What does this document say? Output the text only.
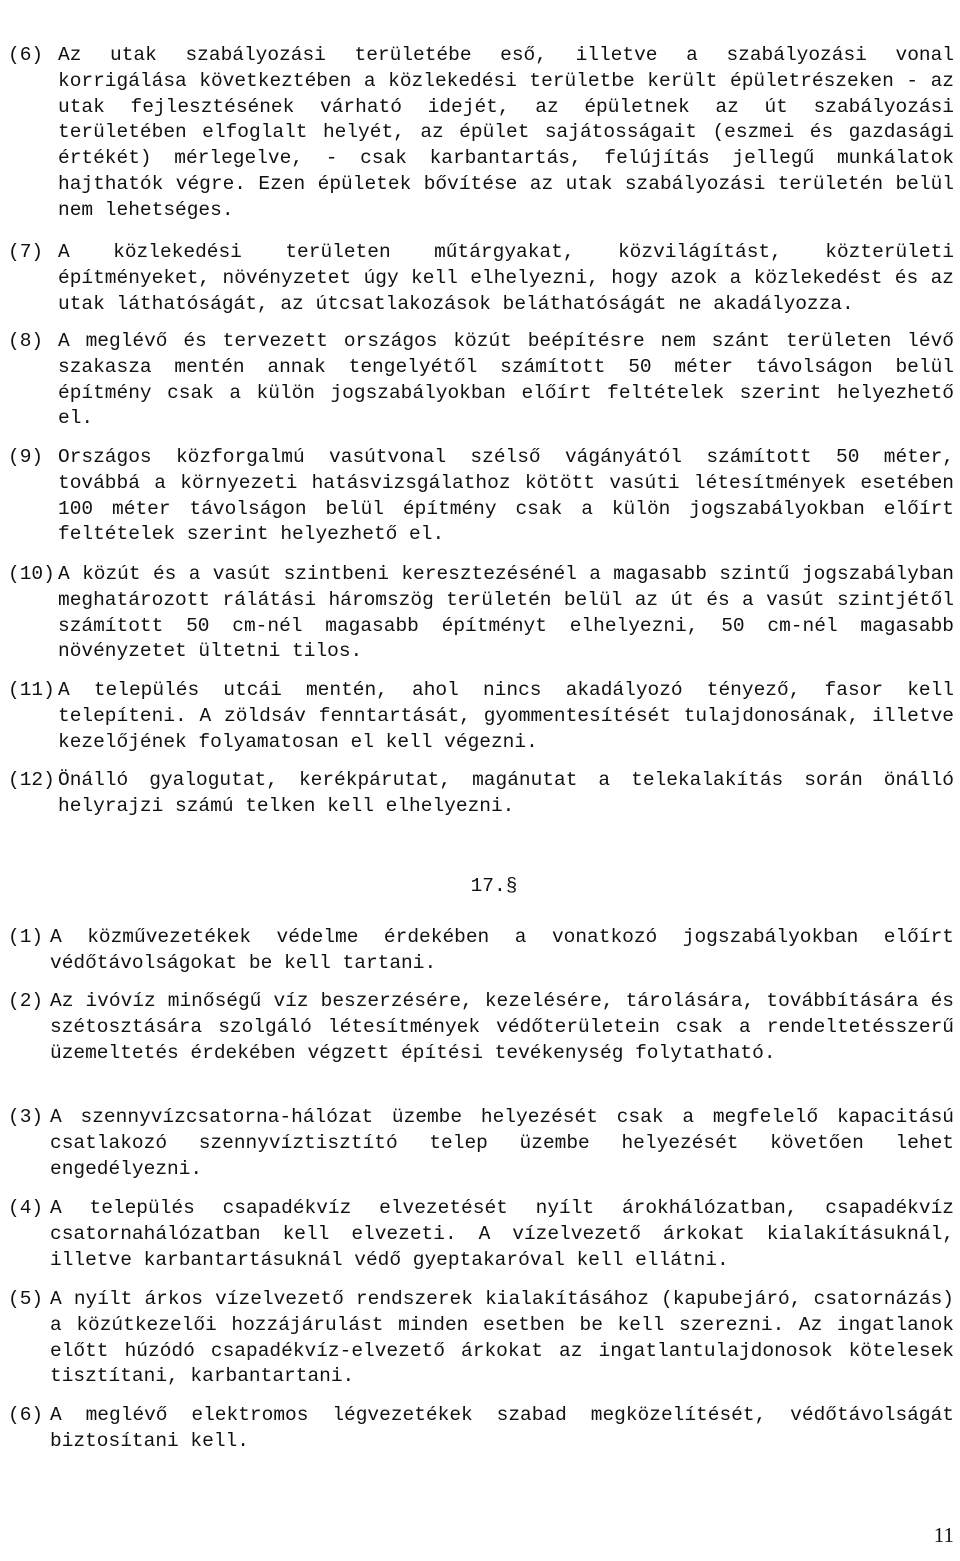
(6) Az utak szabályozási területébe eső, illetve a szabályozási vonal korrigálása következtében a közlekedési területbe került épületrészeken - az utak fejlesztésének várható idejét, az épületnek az út szabályozási területében elfoglalt helyét, az épület sajátosságait (eszmei és gazdasági értékét) mérlegelve, - csak karbantartás, felújítás jellegű munkálatok hajthatók végre. Ezen épületek bővítése az utak szabályozási területén belül nem lehetséges.
(7) A közlekedési területen műtárgyakat, közvilágítást, közterületi építményeket, növényzetet úgy kell elhelyezni, hogy azok a közlekedést és az utak láthatóságát, az útcsatlakozások beláthatóságát ne akadályozza.
(8) A meglévő és tervezett országos közút beépítésre nem szánt területen lévő szakasza mentén annak tengelyétől számított 50 méter távolságon belül építmény csak a külön jogszabályokban előírt feltételek szerint helyezhető el.
(9) Országos közforgalmú vasútvonal szélső vágányától számított 50 méter, továbbá a környezeti hatásvizsgálathoz kötött vasúti létesítmények esetében 100 méter távolságon belül építmény csak a külön jogszabályokban előírt feltételek szerint helyezhető el.
(10) A közút és a vasút szintbeni keresztezésénél a magasabb szintű jogszabályban meghatározott rálátási háromszög területén belül az út és a vasút szintjétől számított 50 cm-nél magasabb építményt elhelyezni, 50 cm-nél magasabb növényzetet ültetni tilos.
(11) A település utcái mentén, ahol nincs akadályozó tényező, fasor kell telepíteni. A zöldsáv fenntartását, gyommentesítését tulajdonosának, illetve kezelőjének folyamatosan el kell végezni.
(12) Önálló gyalogutat, kerékpárutat, magánutat a telekalakítás során önálló helyrajzi számú telken kell elhelyezni.
17.§
(1) A közművezetékek védelme érdekében a vonatkozó jogszabályokban előírt védőtávolságokat be kell tartani.
(2) Az ivóvíz minőségű víz beszerzésére, kezelésére, tárolására, továbbítására és szétosztására szolgáló létesítmények védőterületein csak a rendeltetésszerű üzemeltetés érdekében végzett építési tevékenység folytatható.
(3) A szennyvízcsatorna-hálózat üzembe helyezését csak a megfelelő kapacitású csatlakozó szennyvíztisztító telep üzembe helyezését követően lehet engedélyezni.
(4) A település csapadékvíz elvezetését nyílt árokhálózatban, csapadékvíz csatornahálózatban kell elvezeti. A vízelvezető árkokat kialakításuknál, illetve karbantartásuknál védő gyeptakaróval kell ellátni.
(5) A nyílt árkos vízelvezető rendszerek kialakításához (kapubejáró, csatornázás) a közútkezelői hozzájárulást minden esetben be kell szerezni. Az ingatlanok előtt húzódó csapadékvíz-elvezető árkokat az ingatlantulajdonosok kötelesek tisztítani, karbantartani.
(6) A meglévő elektromos légvezetékek szabad megközelítését, védőtávolságát biztosítani kell.
11
